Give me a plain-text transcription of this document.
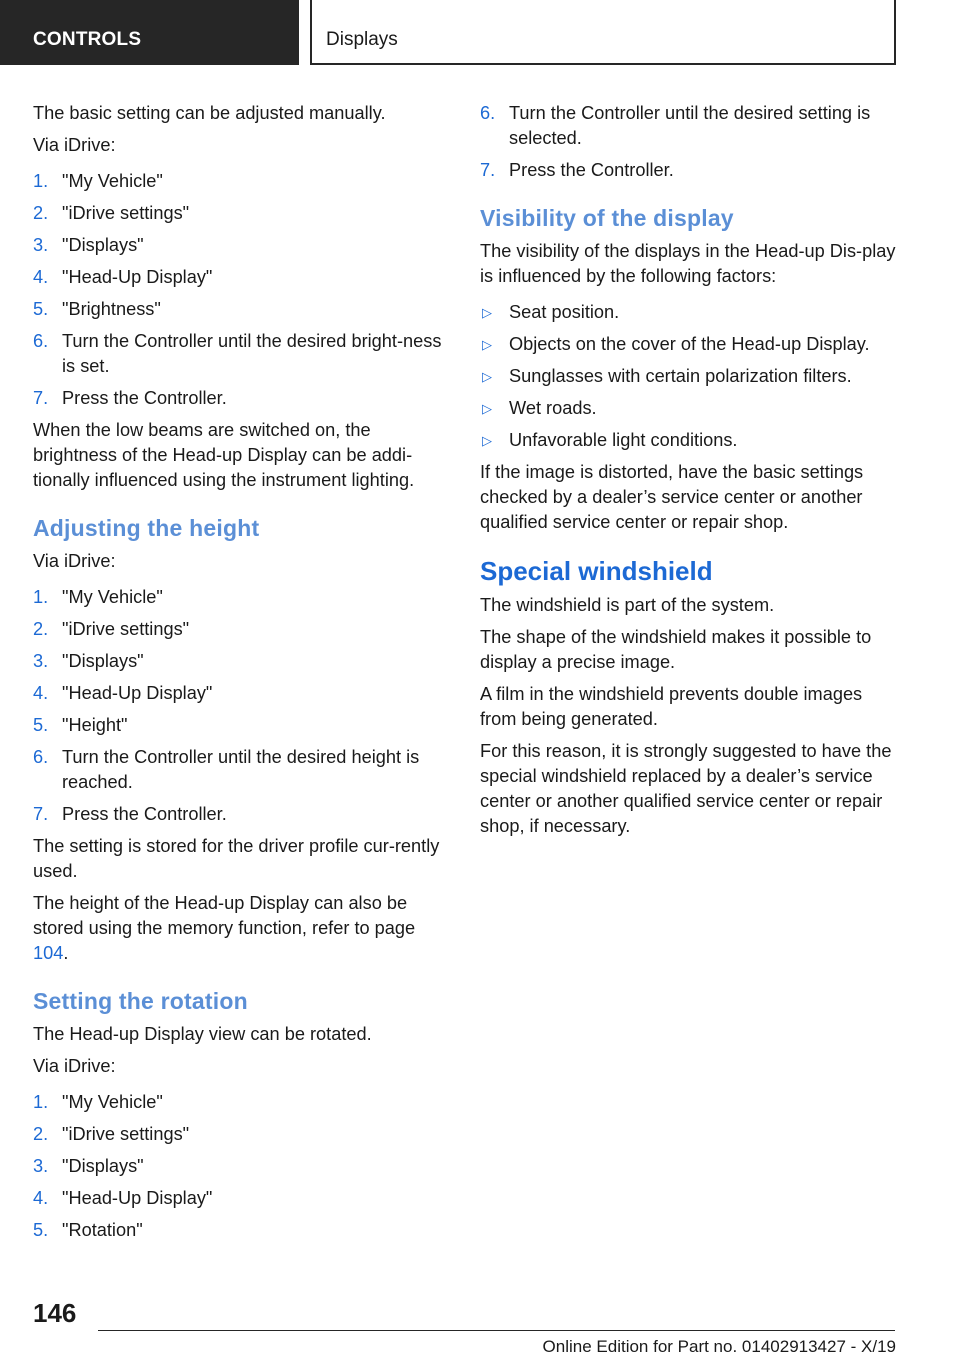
CONTROLS	Displays

The basic setting can be adjusted manually.

Via iDrive:

1. "My Vehicle"
2. "iDrive settings"
3. "Displays"
4. "Head-Up Display"
5. "Brightness"
6. Turn the Controller until the desired bright‐ness is set.
7. Press the Controller.

When the low beams are switched on, the brightness of the Head-up Display can be addi‐tionally influenced using the instrument lighting.

Adjusting the height

Via iDrive:

1. "My Vehicle"
2. "iDrive settings"
3. "Displays"
4. "Head-Up Display"
5. "Height"
6. Turn the Controller until the desired height is reached.
7. Press the Controller.

The setting is stored for the driver profile cur‐rently used.

The height of the Head-up Display can also be stored using the memory function, refer to page 104.

Setting the rotation

The Head-up Display view can be rotated.

Via iDrive:

1. "My Vehicle"
2. "iDrive settings"
3. "Displays"
4. "Head-Up Display"
5. "Rotation"
6. Turn the Controller until the desired setting is selected.
7. Press the Controller.
Visibility of the display

The visibility of the displays in the Head-up Dis‐play is influenced by the following factors:

▷ Seat position.
▷ Objects on the cover of the Head-up Display.
▷ Sunglasses with certain polarization filters.
▷ Wet roads.
▷ Unfavorable light conditions.

If the image is distorted, have the basic settings checked by a dealer’s service center or another qualified service center or repair shop.

Special windshield

The windshield is part of the system.

The shape of the windshield makes it possible to display a precise image.

A film in the windshield prevents double images from being generated.

For this reason, it is strongly suggested to have the special windshield replaced by a dealer’s service center or another qualified service center or repair shop, if necessary.

146
Online Edition for Part no. 01402913427 - X/19
